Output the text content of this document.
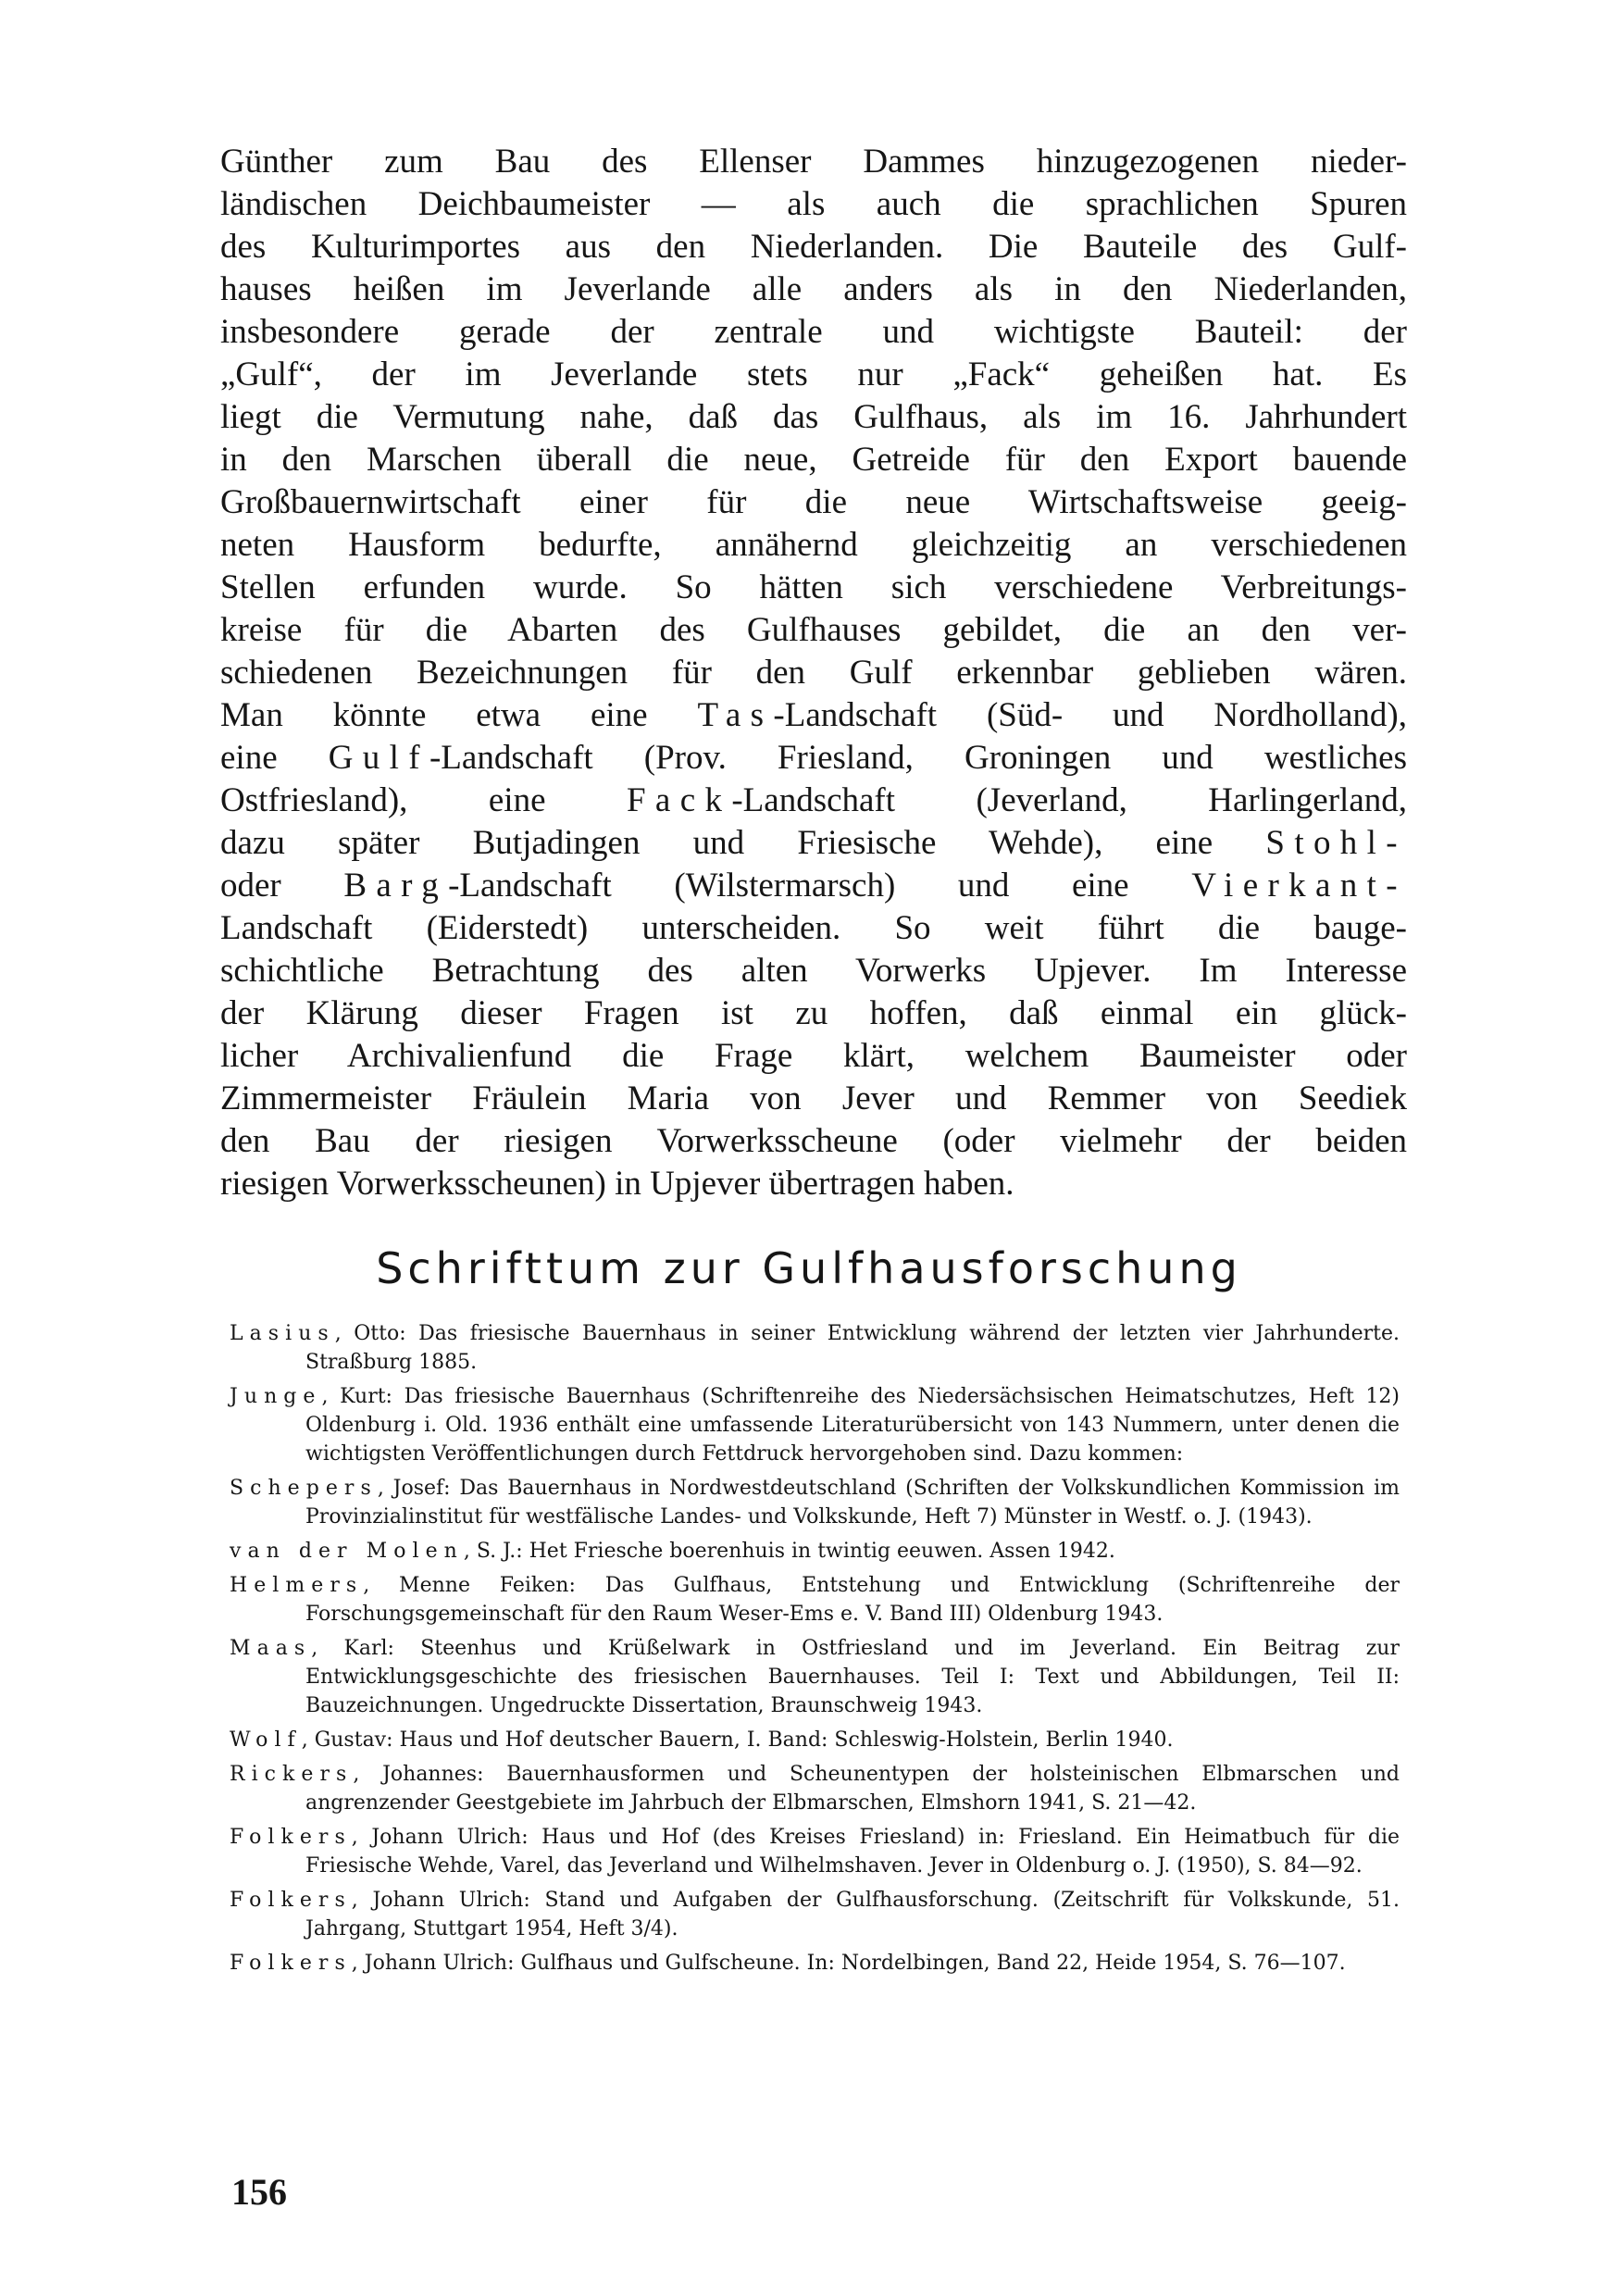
Günther zum Bau des Ellenser Dammes hinzugezogenen nieder-
ländischen Deichbaumeister — als auch die sprachlichen Spuren
des Kulturimportes aus den Niederlanden. Die Bauteile des Gulf-
hauses heißen im Jeverlande alle anders als in den Niederlanden,
insbesondere gerade der zentrale und wichtigste Bauteil: der
„Gulf“, der im Jeverlande stets nur „Fack“ geheißen hat. Es
liegt die Vermutung nahe, daß das Gulfhaus, als im 16. Jahrhundert
in den Marschen überall die neue, Getreide für den Export bauende
Großbauernwirtschaft einer für die neue Wirtschaftsweise geeig-
neten Hausform bedurfte, annähernd gleichzeitig an verschiedenen
Stellen erfunden wurde. So hätten sich verschiedene Verbreitungs-
kreise für die Abarten des Gulfhauses gebildet, die an den ver-
schiedenen Bezeichnungen für den Gulf erkennbar geblieben wären.
Man könnte etwa eine Tas-Landschaft (Süd- und Nordholland),
eine Gulf-Landschaft (Prov. Friesland, Groningen und westliches
Ostfriesland), eine Fack-Landschaft (Jeverland, Harlingerland,
dazu später Butjadingen und Friesische Wehde), eine Stohl-
oder Barg-Landschaft (Wilstermarsch) und eine Vierkant-
Landschaft (Eiderstedt) unterscheiden. So weit führt die bauge-
schichtliche Betrachtung des alten Vorwerks Upjever. Im Interesse
der Klärung dieser Fragen ist zu hoffen, daß einmal ein glück-
licher Archivalienfund die Frage klärt, welchem Baumeister oder
Zimmermeister Fräulein Maria von Jever und Remmer von Seediek
den Bau der riesigen Vorwerksscheune (oder vielmehr der beiden
riesigen Vorwerksscheunen) in Upjever übertragen haben.
Schrifttum zur Gulfhausforschung
Lasius, Otto: Das friesische Bauernhaus in seiner Entwicklung während der letzten vier Jahrhunderte. Straßburg 1885.
Junge, Kurt: Das friesische Bauernhaus (Schriftenreihe des Niedersächsischen Heimatschutzes, Heft 12) Oldenburg i. Old. 1936 enthält eine umfassende Literaturübersicht von 143 Nummern, unter denen die wichtigsten Veröffentlichungen durch Fettdruck hervorgehoben sind. Dazu kommen:
Schepers, Josef: Das Bauernhaus in Nordwestdeutschland (Schriften der Volkskundlichen Kommission im Provinzialinstitut für westfälische Landes- und Volkskunde, Heft 7) Münster in Westf. o. J. (1943).
van der Molen, S. J.: Het Friesche boerenhuis in twintig eeuwen. Assen 1942.
Helmers, Menne Feiken: Das Gulfhaus, Entstehung und Entwicklung (Schriftenreihe der Forschungsgemeinschaft für den Raum Weser-Ems e. V. Band III) Oldenburg 1943.
Maas, Karl: Steenhus und Krüßelwark in Ostfriesland und im Jeverland. Ein Beitrag zur Entwicklungsgeschichte des friesischen Bauernhauses. Teil I: Text und Abbildungen, Teil II: Bauzeichnungen. Ungedruckte Dissertation, Braunschweig 1943.
Wolf, Gustav: Haus und Hof deutscher Bauern, I. Band: Schleswig-Holstein, Berlin 1940.
Rickers, Johannes: Bauernhausformen und Scheunentypen der holsteinischen Elbmarschen und angrenzender Geestgebiete im Jahrbuch der Elbmarschen, Elmshorn 1941, S. 21—42.
Folkers, Johann Ulrich: Haus und Hof (des Kreises Friesland) in: Friesland. Ein Heimatbuch für die Friesische Wehde, Varel, das Jeverland und Wilhelmshaven. Jever in Oldenburg o. J. (1950), S. 84—92.
Folkers, Johann Ulrich: Stand und Aufgaben der Gulfhausforschung. (Zeitschrift für Volkskunde, 51. Jahrgang, Stuttgart 1954, Heft 3/4).
Folkers, Johann Ulrich: Gulfhaus und Gulfscheune. In: Nordelbingen, Band 22, Heide 1954, S. 76—107.

156
